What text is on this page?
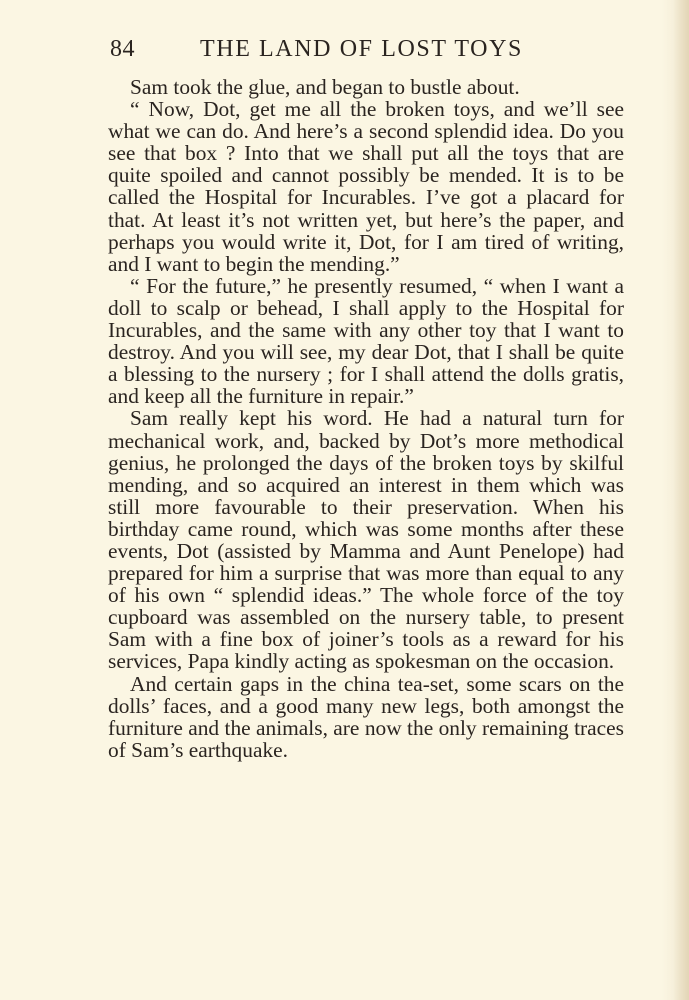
84	THE LAND OF LOST TOYS

Sam took the glue, and began to bustle about.

“ Now, Dot, get me all the broken toys, and we’ll see what we can do. And here’s a second splendid idea. Do you see that box ? Into that we shall put all the toys that are quite spoiled and cannot possibly be mended. It is to be called the Hospital for Incurables. I’ve got a placard for that. At least it’s not written yet, but here’s the paper, and perhaps you would write it, Dot, for I am tired of writing, and I want to begin the mending.”

“ For the future,” he presently resumed, “ when I want a doll to scalp or behead, I shall apply to the Hospital for Incurables, and the same with any other toy that I want to destroy. And you will see, my dear Dot, that I shall be quite a blessing to the nursery ; for I shall attend the dolls gratis, and keep all the furniture in repair.”

Sam really kept his word. He had a natural turn for mechanical work, and, backed by Dot’s more methodical genius, he prolonged the days of the broken toys by skilful mending, and so acquired an interest in them which was still more favourable to their preservation. When his birthday came round, which was some months after these events, Dot (assisted by Mamma and Aunt Penelope) had prepared for him a surprise that was more than equal to any of his own “ splendid ideas.” The whole force of the toy cupboard was assembled on the nursery table, to present Sam with a fine box of joiner’s tools as a reward for his services, Papa kindly acting as spokesman on the occasion.

And certain gaps in the china tea-set, some scars on the dolls’ faces, and a good many new legs, both amongst the furniture and the animals, are now the only remaining traces of Sam’s earthquake.
